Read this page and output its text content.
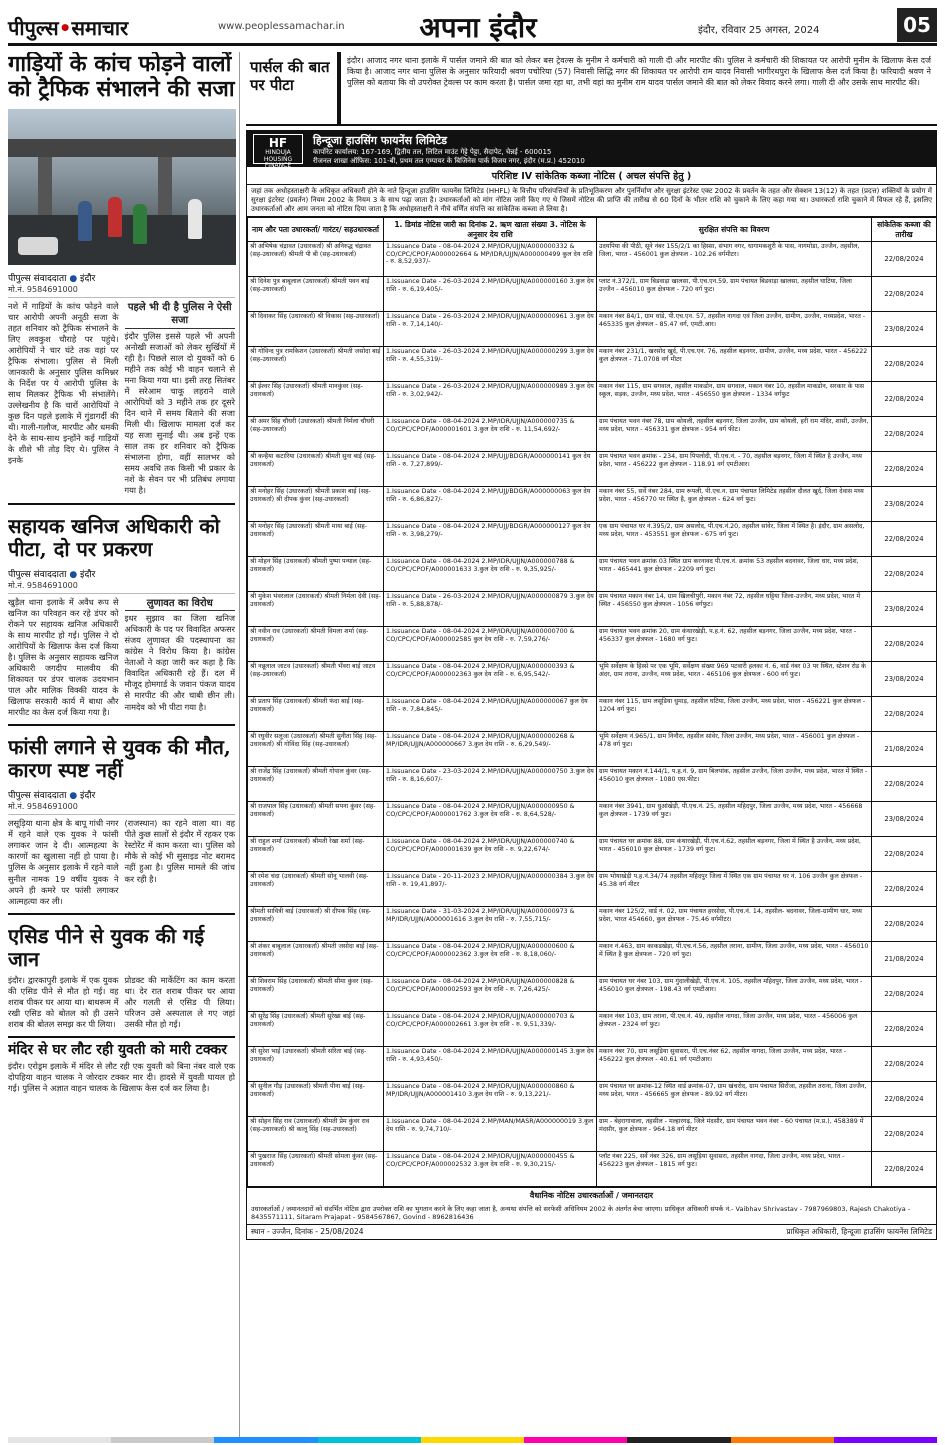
पीपुल्स•समाचार	www.peoplessamachar.in	अपना इंदौर	इंदौर, रविवार 25 अगस्त, 2024	05
गाड़ियों के कांच फोड़ने वालों को ट्रैफिक संभालने की सजा
पीपुल्स संवाददाता ● इंदौर
मो.नं. 9584691000
नशे में गाड़ियों के कांच फोड़ने वाले चार आरोपी अपनी अनूठी सजा के तहत शनिवार को ट्रैफिक संभालने के लिए लवकुश चौराहे पर पहुंचे। आरोपियों ने चार घंटे तक वहां पर ट्रैफिक संभाला। पुलिस से मिली जानकारी के अनुसार पुलिस कमिश्नर के निर्देश पर ये आरोपी पुलिस के साथ मिलकर ट्रैफिक भी संभालेंगे। उल्लेखनीय है कि चारों आरोपियों ने कुछ दिन पहले इलाके में गुंडागर्दी की थी। गाली-गलौज, मारपीट और धमकी देने के साथ-साथ इन्होंने कई गाड़ियों के शीशे भी तोड़ दिए थे। पुलिस ने इनके
पहले भी दी है पुलिस ने ऐसी सजा
इंदौर पुलिस इससे पहले भी अपनी अनोखी सजाओं को लेकर सुर्खियों में रही है। पिछले साल दो युवकों को 6 महीने तक कोई भी वाहन चलाने से मना किया गया था। इसी तरह सितंबर में सरेआम चाकू लहराने वाले आरोपियों को 3 महीने तक हर दूसरे दिन थाने में समय बिताने की सजा मिली थी। खिलाफ मामला दर्ज कर यह सजा सुनाई थी। अब इन्हें एक साल तक हर शनिवार को ट्रैफिक संभालना होगा, वहीं सालभर को समय अवधि तक किसी भी प्रकार के नशे के सेवन पर भी प्रतिबंध लगाया गया है।
सहायक खनिज अधिकारी को पीटा, दो पर प्रकरण
पीपुल्स संवाददाता ● इंदौर
मो.नं. 9584691000
खुड़ैल थाना इलाके में अवैध रूप से खनिज का परिवहन कर रहे डंपर को रोकने पर सहायक खनिज अधिकारी के साथ मारपीट हो गई। पुलिस ने दो आरोपियों के खिलाफ केस दर्ज किया है। पुलिस के अनुसार सहायक खनिज अधिकारी जगदीप मालवीय की शिकायत पर डंपर चालक उदयभान पाल और मालिक विक्की यादव के खिलाफ सरकारी कार्य में बाधा और मारपीट का केस दर्ज किया गया है।
लुणावत का विरोध
इधर सुझाव का जिला खनिज अधिकारी के पद पर विवादित अफसर संजय लुणावत की पदस्थापना का कांग्रेस ने विरोध किया है। कांग्रेस नेताओं ने कहा जारी कर कहा है कि विवादित अधिकारी रहे हैं। दल में मौजूद होमगार्ड के जवान पंकज यादव से मारपीट की और चाबी छीन ली। नामदेव को भी पीटा गया है।
फांसी लगाने से युवक की मौत, कारण स्पष्ट नहीं
पीपुल्स संवाददाता ● इंदौर
मो.नं. 9584691000
लसूड़िया थाना क्षेत्र के बापू गांधी नगर में रहने वाले एक युवक ने फांसी लगाकर जान दे दी। आत्महत्या के कारणों का खुलासा नहीं हो पाया है। पुलिस के अनुसार इलाके में रहने वाले सुनील नामक 19 वर्षीय युवक ने अपने ही कमरे पर फांसी लगाकर आत्महत्या कर ली।
(राजस्थान) का रहने वाला था। वह पीते कुछ सालों से इंदौर में रहकर एक रेस्टोरेंट में काम करता था। पुलिस को मौके से कोई भी सुसाइड नोट बरामद नहीं हुआ है। पुलिस मामले की जांच कर रही है।
एसिड पीने से युवक की गई जान
इंदौर। द्वारकापुरी इलाके में एक युवक की एसिड पीने से मौत हो गई। वह शराब पीकर घर आया था। बाथरूम में रखी एसिड को बोतल को ही उसने शराब की बोतल समझ कर पी लिया।
प्रोडक्ट की मार्केटिंग का काम करता था। देर रात शराब पीकर घर आया और गलती से एसिड पी लिया। परिजन उसे अस्पताल ले गए जहां उसकी मौत हो गई।
मंदिर से घर लौट रही युवती को मारी टक्कर
इंदौर। एरोड्रम इलाके में मंदिर से लौट रही एक युवती को बिना नंबर वाले एक दोपहिया वाहन चालक ने जोरदार टक्कर मार दी। हादसे में युवती घायल हो गई। पुलिस ने अज्ञात वाहन चालक के खिलाफ केस दर्ज कर लिया है।
पार्सल की बात पर पीटा
इंदौर। आजाद नगर थाना इलाके में पार्सल जमाने की बात को लेकर बस ट्रेवल्स के मुनीम ने कर्मचारी को गाली दी और मारपीट की। पुलिस ने कर्मचारी की शिकायत पर आरोपी मुनीम के खिलाफ केस दर्ज किया है। आजाद नगर थाना पुलिस के अनुसार फरियादी श्रवण पचोरिया (57) निवासी सिद्धि नगर की शिकायत पर आरोपी राम यादव निवासी भागीरथपुरा के खिलाफ केस दर्ज किया है। फरियादी श्रवण ने पुलिस को बताया कि वो उपरोक्त ट्रेवल्स पर काम करता है। पार्सल जमा रहा था, तभी वहां का मुनीम राम यादव पार्सल जमाने की बात को लेकर विवाद करने लगा। गाली दी और उसके साथ मारपीट की।
HF
HINDUJA HOUSING FINANCE
हिन्दूजा हाउसिंग फायनेंस लिमिटेड
कार्पोरेट कार्यालय: 167-169, द्वितीय तल, लिटिल माउंट गेट्टे पेट्टा, सैदापेट, चेन्नई - 600015
रीजनल शाखा ऑफिस: 101-बी, प्रथम तल एम्पायर के बिजिनेस पार्क विजय नगर, इंदौर (म.प्र.) 452010
परिशिष्ट IV सांकेतिक कब्जा नोटिस ( अचल संपत्ति हेतु )
जहां तक अधोहस्ताक्षरी के अधिकृत अधिकारी होने के नाते हिन्दूजा हाउसिंग फायनेंस लिमिटेड (HHFL) के वित्तीय परिसंपत्तियों के प्रतिभूतिकरण और पुनर्निर्माण और सुरक्षा इंटरेस्ट एक्ट 2002 के प्रवर्तन के तहत और सेक्शन 13(12) के तहत (प्रदत्त) शक्तियों के प्रयोग में सुरक्षा इंटरेस्ट (प्रवर्तन) नियम 2002 के नियम 3 के साथ पढ़ा जाता है। उधारकर्ताओं को मांग नोटिस जारी किए गए थे जिसमें नोटिस की प्राप्ति की तारीख से 60 दिनों के भीतर राशि को चुकाने के लिए कहा गया था। उधारकर्ता राशि चुकाने में विफल रहे हैं, इसलिए उधारकर्ताओं और आम जनता को नोटिस दिया जाता है कि अधोहस्ताक्षरी ने नीचे वर्णित संपत्ति का सांकेतिक कब्जा ले लिया है।
नाम और पता उधारकर्ता/ गारंटर/ सहउधारकर्ता	1. डिमांड नोटिस जारी का दिनांक 2. ऋण खाता संख्या 3. नोटिस के अनुसार देय राशि	सुरक्षित संपत्ति का विवरण	सांकेतिक कब्जा की तारीख
श्री अभिषेक चंद्रावत (उधारकर्ता) श्री अनिरुद्ध चंद्रावत (सह-उधारकर्ता) श्रीमती पी बी (सह-उधारकर्ता)	1.Issuance Date - 08-04-2024 2.MP/IDR/UJJN/A000000332 & CO/CPC/CPOF/A000002664 & MP/IDR/UJJN/A000000499 कुल देय राशि - रु. 8,52,937/-	उदयपिया की पीठी, सूने नंबर 155/2/1 का हिस्सा, संभाग नगर, धागामकशुरी के पास, नागमोडा, उज्जैन, तहसील, जिला, भारत - 456001 कुल क्षेत्रफल - 102.26 वर्गमीटर।	22/08/2024
श्री दिनेश पुत्र बाबूलाल (उधारकर्ता) श्रीमती पवन बाई (सह-उधारकर्ता)	1.Issuance Date - 26-03-2024 2.MP/IDR/UJJN/A000000160 3.कुल देय राशि - रु. 6,19,405/-	प्लाट नं.372/1, ग्राम बिडवाड़ा खालसा, पी.एच.एन.59, ग्राम पंचायत बिडवाड़ा खालसा, तहसील घाटिया, जिला उज्जैन - 456010 कुल क्षेत्रफल - 720 वर्ग फुट।	22/08/2024
श्री दिवाकर सिंह (उधारकर्ता) श्री विकास (सह-उधारकर्ता)	1.Issuance Date - 26-03-2024 2.MP/IDR/UJJN/A000000961 3.कुल देय राशि - रु. 7,14,140/-	मकान नंबर 84/1, ग्राम धांडे, पी.एच.एन. 57, तहसील नागदा एवं जिला उज्जैन, ग्रामीण, उज्जैन, मध्यप्रदेश, भारत - 465335 कुल क्षेत्रफल - 85.47 वर्ग, एमटी.आर।	23/08/2024
श्री गोविन्द पुत्र रामकिशन (उधारकर्ता) श्रीमती जसोदा बाई (सह-उधारकर्ता)	1.Issuance Date - 26-03-2024 2.MP/IDR/UJJN/A000000299 3.कुल देय राशि - रु. 4,55,319/-	मकान नंबर 231/1, खरसोद खुर्द, पी.एच.एन. 76, तहसील बड़नगर, ग्रामीण, उज्जैन, मध्य प्रदेश, भारत - 456222 कुल क्षेत्रफल - 71.0708 वर्ग मीटर	22/08/2024
श्री ईश्वर सिंह (उधारकर्ता) श्रीमती मानकुंवर (सह-उधारकर्ता)	1.Issuance Date - 26-03-2024 2.MP/IDR/UJJN/A000000989 3.कुल देय राशि - रु. 3,02,942/-	मकान नंबर 115, ग्राम सगवाल, तहसील माकडोन, ग्राम सगवाल, मकान नंबर 10, तहसील माकडोन, सरकार के पास स्कूल, सड़क, उज्जैन, मध्य प्रदेश, भारत - 456550 कुल क्षेत्रफल - 1334 वर्गफुट	22/08/2024
श्री अमर सिंह चौधरी (उधारकर्ता) श्रीमती निर्मला चौधरी (सह-उधारकर्ता)	1.Issuance Date - 08-04-2024 2.MP/IDR/UJJN/A000000735 & CO/CPC/CPOF/A000001601 3.कुल देय राशि - रु. 11,54,692/-	ग्राम पंचायत भवन नंबर 78, ग्राम कोयली, तहसील बड़नगर, जिला उज्जैन, ग्राम कोयली, हरी राम मंदिर, शासी, उज्जैन, मध्य प्रदेश, भारत - 456331 कुल क्षेत्रफल - 954 वर्ग फीट।	22/08/2024
श्री कन्हैया कटारिया (उधारकर्ता) श्रीमती सुना बाई (सह-उधारकर्ता)	1.Issuance Date - 08-04-2024 2.MP/UJJ/BDGR/A000000141 कुल देय राशि - रु. 7,27,899/-	ग्राम पंचायत भवन क्रमांक - 234, ग्राम पिपलोदी, पी.एच.नं. - 70, तहसील बड़नगर, जिला में स्थित है उज्जैन, मध्य प्रदेश, भारत - 456222 कुल क्षेत्रफल - 118.91 वर्ग एमटीआर।	22/08/2024
श्री मनोहर सिंह (उधारकर्ता) श्रीमती प्रकाश बाई (सह-उधारकर्ता) श्री दीपक कुंवर (सह-उधारकर्ता)	1.Issuance Date - 08-04-2024 2.MP/UJJ/BDGR/A000000063 कुल देय राशि - रु. 6,86,827/-	मकान नंबर 55, सर्वे नंबर 284, ग्राम रूपली, पी.एच.न. ग्राम पंचायत लिमिटेड तहसील दौलत खुर्द, जिला देवास मध्य प्रदेश, भारत - 456770 पर स्थित है, कुल क्षेत्रफल - 624 वर्ग फुट।	23/08/2024
श्री मनोहर सिंह (उधारकर्ता) श्रीमती माया बाई (सह-उधारकर्ता)	1.Issuance Date - 08-04-2024 2.MP/UJJ/BDGR/A000000127 कुल देय राशि - रु. 3,98,279/-	एक ग्राम पंचायत घर नं.395/2, ग्राम असलोद, पी.एच.नं.20, तहसील सांवेर, जिला में स्थित है। इंदौर, ग्राम असलोद, मध्य प्रदेश, भारत - 453551 कुल क्षेत्रफल - 675 वर्ग फुट।	22/08/2024
श्री मोहन सिंह (उधारकर्ता) श्रीमती पुष्पा पन्याल (सह-उधारकर्ता)	1.Issuance Date - 08-04-2024 2.MP/IDR/UJJN/A000000788 & CO/CPC/CPOF/A000001633 3.कुल देय राशि - रु. 9,35,925/-	ग्राम पंचायत भवन क्रमांक 03 स्थित ग्राम करनावद पी.एच.नं. क्रमांक 53 तहसील बदनावर, जिला धार, मध्य प्रदेश, भारत - 465441 कुल क्षेत्रफल - 2209 वर्ग फुट।	22/08/2024
श्री मुकेश भंवरलाल (उधारकर्ता) श्रीमती निर्मला देवी (सह-उधारकर्ता)	1.Issuance Date - 26-03-2024 2.MP/IDR/UJJN/A000000879 3.कुल देय राशि - रु. 5,88,878/-	ग्राम पंचायत मकान नंबर 14, ग्राम खिलचीपुरी, मकान नंबर 72, तहसील घट्टिया जिला-उज्जैन, मध्य प्रदेश, भारत में स्थित - 456550 कुल क्षेत्रफल - 1056 वर्गफुट।	23/08/2024
श्री नवीन राव (उधारकर्ता) श्रीमती विमला शर्मा (सह-उधारकर्ता)	1.Issuance Date - 08-04-2024 2.MP/IDR/UJJN/A000000700 & CO/CPC/CPOF/A000002585 कुल देय राशि - रु. 7,59,276/-	ग्राम पंचायत भवन क्रमांक 20, ग्राम कंथारखेड़ी, प.ह.नं. 62, तहसील बड़नगर, जिला उज्जैन, मध्य प्रदेश, भारत - 456337 कुल क्षेत्रफल - 1680 वर्ग फुट।	22/08/2024
श्री नन्नूलाल जाटव (उधारकर्ता) श्रीमती भँवरा बाई जाटव (सह-उधारकर्ता)	1.Issuance Date - 08-04-2024 2.MP/IDR/UJJN/A000000393 & CO/CPC/CPOF/A000002363 कुल देय राशि - रु. 6,95,542/-	भूमि सर्वेक्षण के हिस्से पर एक भूमि, सर्वेक्षण संख्या 969 पटवारी हलका नं. 6, वार्ड नंबर 03 पर स्थित, स्टेशन रोड के अंदर, ग्राम तराना, उज्जैन, मध्य प्रदेश, भारत - 465106 कुल क्षेत्रफल - 600 वर्ग फुट।	23/08/2024
श्री प्रताप सिंह (उधारकर्ता) श्रीमती फंदा बाई (सह-उधारकर्ता)	1.Issuance Date - 08-04-2024 2.MP/IDR/UJJN/A000000067 कुल देय राशि - रु. 7,84,845/-	मकान नंबर 115, ग्राम लसूडिया धुमाड़, तहसील घटिया, जिला उज्जैन, मध्य प्रदेश, भारत - 456221 कुल क्षेत्रफल - 1204 वर्ग फुट।	22/08/2024
श्री रघुवीर सलूजा (उधारकर्ता) श्रीमती सुनीता सिंह (सह-उधारकर्ता) श्री गोविंदा सिंह (सह-उधारकर्ता)	1.Issuance Date - 08-04-2024 2.MP/IDR/UJJN/A000000268 & MP/IDR/UJJN/A000000667 3.कुल देय राशि - रु. 6,29,549/-	भूमि सर्वेक्षण नं.965/1, ग्राम निनौरा, तहसील सांवेर, जिला उज्जैन, मध्य प्रदेश, भारत - 456001 कुल क्षेत्रफल - 478 वर्ग फुट।	21/08/2024
श्री राजेंद्र सिंह (उधारकर्ता) श्रीमती गोपाल कुंवर (सह-उधारकर्ता)	1.Issuance Date - 23-03-2024 2.MP/IDR/UJJN/A000000750 3.कुल देय राशि - रु. 8,16,607/-	ग्राम पंचायत मकान नं.144/1, प.ह.नं. 9, ग्राम बिलपांक, तहसील उज्जैन, जिला उज्जैन, मध्य प्रदेश, भारत में स्थित - 456010 कुल क्षेत्रफल - 1080 एस.फीट।	22/08/2024
श्री राजपाल सिंह (उधारकर्ता) श्रीमती सपना कुंवर (सह-उधारकर्ता)	1.Issuance Date - 08-04-2024 2.MP/IDR/UJJN/A000000950 & CO/CPC/CPOF/A000001762 3.कुल देय राशि - रु. 8,64,528/-	मकान नंबर 3941, ग्राम धुआंखेड़ी, पी.एच.नं. 25, तहसील महिदपुर, जिला उज्जैन, मध्य प्रदेश, भारत - 456668 कुल क्षेत्रफल - 1739 वर्ग फुट।	23/08/2024
श्री राहुल शर्मा (उधारकर्ता) श्रीमती रेखा शर्मा (सह-उधारकर्ता)	1.Issuance Date - 08-04-2024 2.MP/IDR/UJJN/A000000740 & CO/CPC/CPOF/A000001639 कुल देय राशि - रु. 9,22,674/-	ग्राम पंचायत घर क्रमांक 88, ग्राम कंथारखेड़ी, पी.एच.नं.62, तहसील बड़नगर, जिला में स्थित है उज्जैन, मध्य प्रदेश, भारत - 456010 कुल क्षेत्रफल - 1739 वर्ग फुट।	22/08/2024
श्री रमेश चंदा (उधारकर्ता) श्रीमती सोनू भालवी (सह-उधारकर्ता)	1.Issuance Date - 20-11-2023 2.MP/IDR/UJJN/A000000384 3.कुल देय राशि - रु. 19,41,897/-	ग्राम भोयाखेड़ी प.ह.नं.34/74 तहसील महिदपुर जिला में स्थित एक ग्राम पंचायत घर नं. 106 उज्जैन कुल क्षेत्रफल - 45.38 वर्ग मीटर	22/08/2024
श्रीमती सावित्री बाई (उधारकर्ता) श्री दीपक सिंह (सह-उधारकर्ता)	1.Issuance Date - 31-03-2024 2.MP/IDR/UJJN/A000000973 & MP/IDR/UJJN/A000001616 3.कुल देय राशि - रु. 7,55,715/-	मकान नंबर 125/2, वार्ड नं. 02, ग्राम पंचायत हरसोदा, पी.एच.नं. 14, तहसील- बदनावर, जिला-ग्रामीण धार, मध्य प्रदेश, भारत 454660, कुल क्षेत्रफल - 75.46 वर्गमीटर।	22/08/2024
श्री शंकर बाबूलाल (उधारकर्ता) श्रीमती जसोदा बाई (सह-उधारकर्ता)	1.Issuance Date - 08-04-2024 2.MP/IDR/UJJN/A000000600 & CO/CPC/CPOF/A000002362 3.कुल देय राशि - रु. 8,18,060/-	मकान नं.463, ग्राम काकडखेड़ा, पी.एच.नं.56, तहसील तराना, ग्रामीण, जिला उज्जैन, मध्य प्रदेश, भारत - 456010 में स्थित है कुल क्षेत्रफल - 720 वर्ग फुट।	21/08/2024
श्री शिवराम सिंह (उधारकर्ता) श्रीमती सीमा कुंवर (सह-उधारकर्ता)	1.Issuance Date - 08-04-2024 2.MP/IDR/UJJN/A000000828 & CO/CPC/CPOF/A000002593 कुल देय राशि - रु. 7,26,425/-	ग्राम पंचायत घर नंबर 103, ग्राम गुंदालीखेड़ी, पी.एच.नं. 105, तहसील महिदपुर, जिला उज्जैन, मध्य प्रदेश, भारत - 456010 कुल क्षेत्रफल - 198.43 वर्ग एमटीआर।	22/08/2024
श्री सुरेंद्र सिंह (उधारकर्ता) श्रीमती सुरेखा बाई (सह-उधारकर्ता)	1.Issuance Date - 08-04-2024 2.MP/IDR/UJJN/A000000703 & CO/CPC/CPOF/A000002661 3.कुल देय राशि - रु. 9,51,339/-	मकान नंबर 103, ग्राम तराना, पी.एच.नं. 49, तहसील नागदा, जिला उज्जैन, मध्य प्रदेश, भारत - 456006 कुल क्षेत्रफल - 2324 वर्ग फुट।	22/08/2024
श्री सुरेश भाई (उधारकर्ता) श्रीमती सरिता बाई (सह-उधारकर्ता)	1.Issuance Date - 08-04-2024 2.MP/IDR/UJJN/A000000145 3.कुल देय राशि - रु. 4,93,450/-	मकान नंबर 70, ग्राम लसूड़िया सुवासरा, पी.एच.नंबर 62, तहसील नागदा, जिला उज्जैन, मध्य प्रदेश, भारत - 456222 कुल क्षेत्रफल - 40.61 वर्ग एमटीआर।	22/08/2024
श्री सुनील गौड़ (उधारकर्ता) श्रीमती पीना बाई (सह-उधारकर्ता)	1.Issuance Date - 08-04-2024 2.MP/IDR/UJJN/A000000860 & MP/IDR/UJJN/A000001410 3.कुल देय राशि - रु. 9,13,221/-	ग्राम पंचायत घर क्रमांक-12 स्थित वार्ड क्रमांक-07, ग्राम खंचरोद, ग्राम पंचायत सिरोंजा, तहसील तराना, जिला उज्जैन, मध्य प्रदेश, भारत - 456665 कुल क्षेत्रफल - 89.92 वर्ग मीटर।	22/08/2024
श्री सोहन सिंह राव (उधारकर्ता) श्रीमती प्रेम कुंवर राव (सह-उधारकर्ता) श्री कालू सिंह (सह-उधारकर्ता)	1.Issuance Date - 08-04-2024 2.MP/MAN/MASR/A000000019 3.कुल देय राशि - रु. 9,74,710/-	ग्राम - बेहरागावाला, तहसील - मल्हारगढ़, जिले मंदसौर, ग्राम पंचायत भवन नंबर - 60 पंचायत (म.प्र.), 458389 में मंदसौर, कुल क्षेत्रफल - 964.18 वर्ग मीटर	22/08/2024
श्री पुखराज सिंह (उधारकर्ता) श्रीमती सोमला कुंवर (सह-उधारकर्ता)	1.Issuance Date - 08-04-2024 2.MP/IDR/UJJN/A000000455 & CO/CPC/CPOF/A000002532 3.कुल देय राशि - रु. 9,30,215/-	प्लॉट नंबर 225, सर्वे नंबर 326, ग्राम लसूड़िया सुवासरा, तहसील नागदा, जिला उज्जैन, मध्य प्रदेश, भारत - 456223 कुल क्षेत्रफल - 1815 वर्ग फुट।	22/08/2024
वैधानिक नोटिस उधारकर्ताओं / जमानतदार
उधारकर्ताओं / जमानतदारों को संदर्भित नोटिस द्वारा उपरोक्त राशि का भुगतान करने के लिए कहा जाता है, अन्यथा संपत्ति को सरफेसी अधिनियम 2002 के अंतर्गत बेचा जाएगा। प्राधिकृत अधिकारी संपर्क नं.- Vaibhav Shrivastav - 7987969803, Rajesh Chakotiya - 8435571111, Sitaram Prajapat - 9584567867, Govind - 8962816436
स्थान - उज्जैन, दिनांक - 25/08/2024	प्राधिकृत अधिकारी, हिन्दूजा हाउसिंग फायनेंस लिमिटेड
